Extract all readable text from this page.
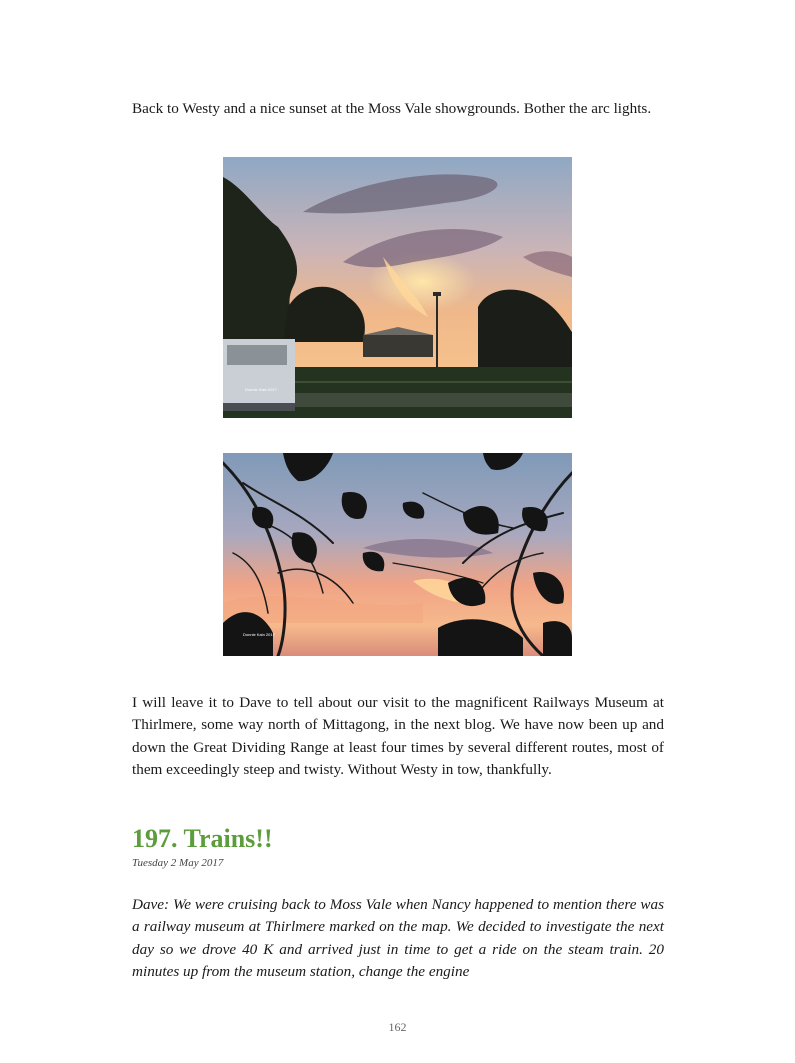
Back to Westy and a nice sunset at the Moss Vale showgrounds. Bother the arc lights.

Donnie Kain 2017
Donnie Kain 2017

I will leave it to Dave to tell about our visit to the magnificent Railways Museum at Thirlmere, some way north of Mittagong, in the next blog. We have now been up and down the Great Dividing Range at least four times by several different routes, most of them exceedingly steep and twisty. Without Westy in tow, thankfully.

197. Trains!!

Tuesday 2 May 2017

Dave: We were cruising back to Moss Vale when Nancy happened to mention there was a railway museum at Thirlmere marked on the map. We decided to investigate the next day so we drove 40 K and arrived just in time to get a ride on the steam train. 20 minutes up from the museum station, change the engine

162
